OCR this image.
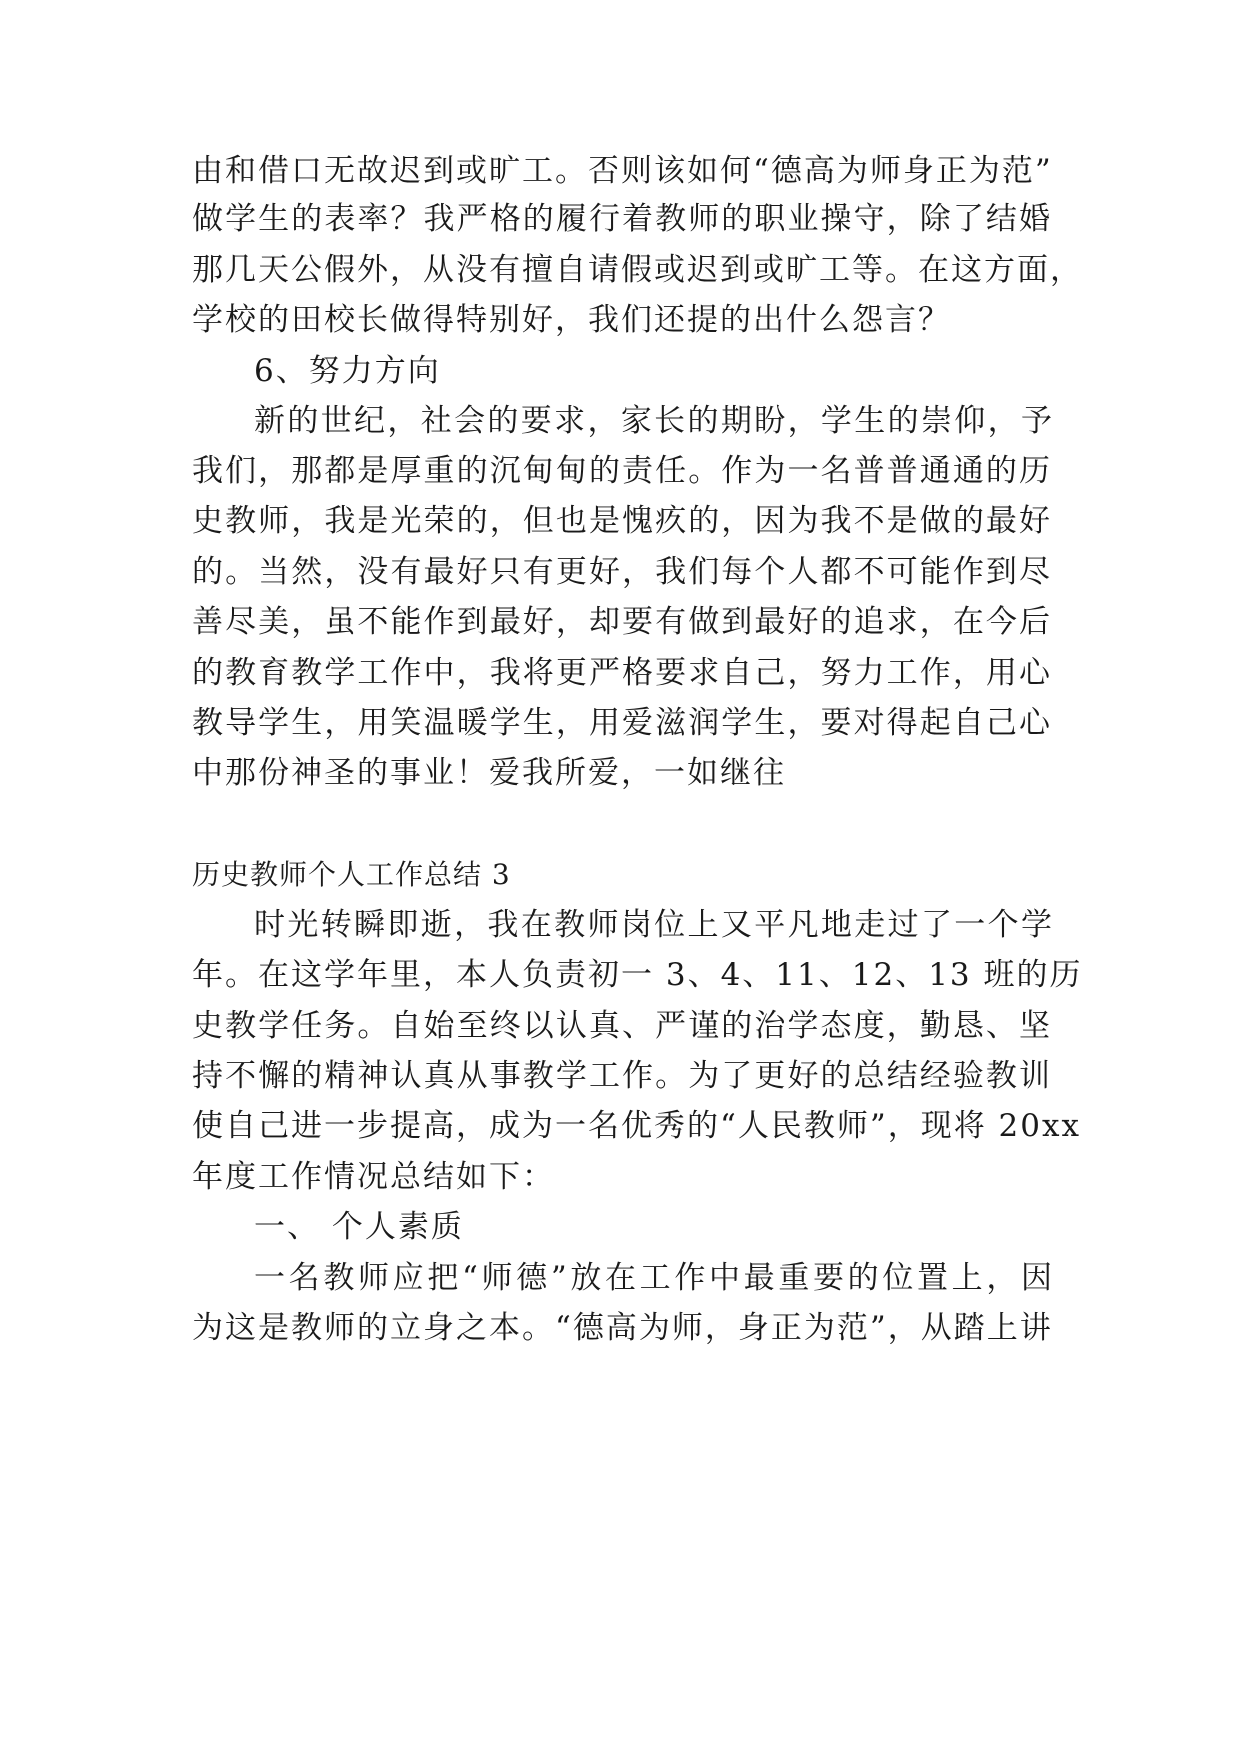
由和借口无故迟到或旷工。否则该如何“德高为师身正为范”
做学生的表率？我严格的履行着教师的职业操守，除了结婚
那几天公假外，从没有擅自请假或迟到或旷工等。在这方面，
学校的田校长做得特别好，我们还提的出什么怨言？
6、努力方向
新的世纪，社会的要求，家长的期盼，学生的崇仰，予
我们，那都是厚重的沉甸甸的责任。作为一名普普通通的历
史教师，我是光荣的，但也是愧疚的，因为我不是做的最好
的。当然，没有最好只有更好，我们每个人都不可能作到尽
善尽美，虽不能作到最好，却要有做到最好的追求，在今后
的教育教学工作中，我将更严格要求自己，努力工作，用心
教导学生，用笑温暖学生，用爱滋润学生，要对得起自己心
中那份神圣的事业！爱我所爱，一如继往
历史教师个人工作总结 3
时光转瞬即逝，我在教师岗位上又平凡地走过了一个学
年。在这学年里，本人负责初一 3、4、11、12、13 班的历
史教学任务。自始至终以认真、严谨的治学态度，勤恳、坚
持不懈的精神认真从事教学工作。为了更好的总结经验教训
使自己进一步提高，成为一名优秀的“人民教师”，现将 20xx
年度工作情况总结如下：
一、 个人素质
一名教师应把“师德”放在工作中最重要的位置上，因
为这是教师的立身之本。“德高为师，身正为范”，从踏上讲
